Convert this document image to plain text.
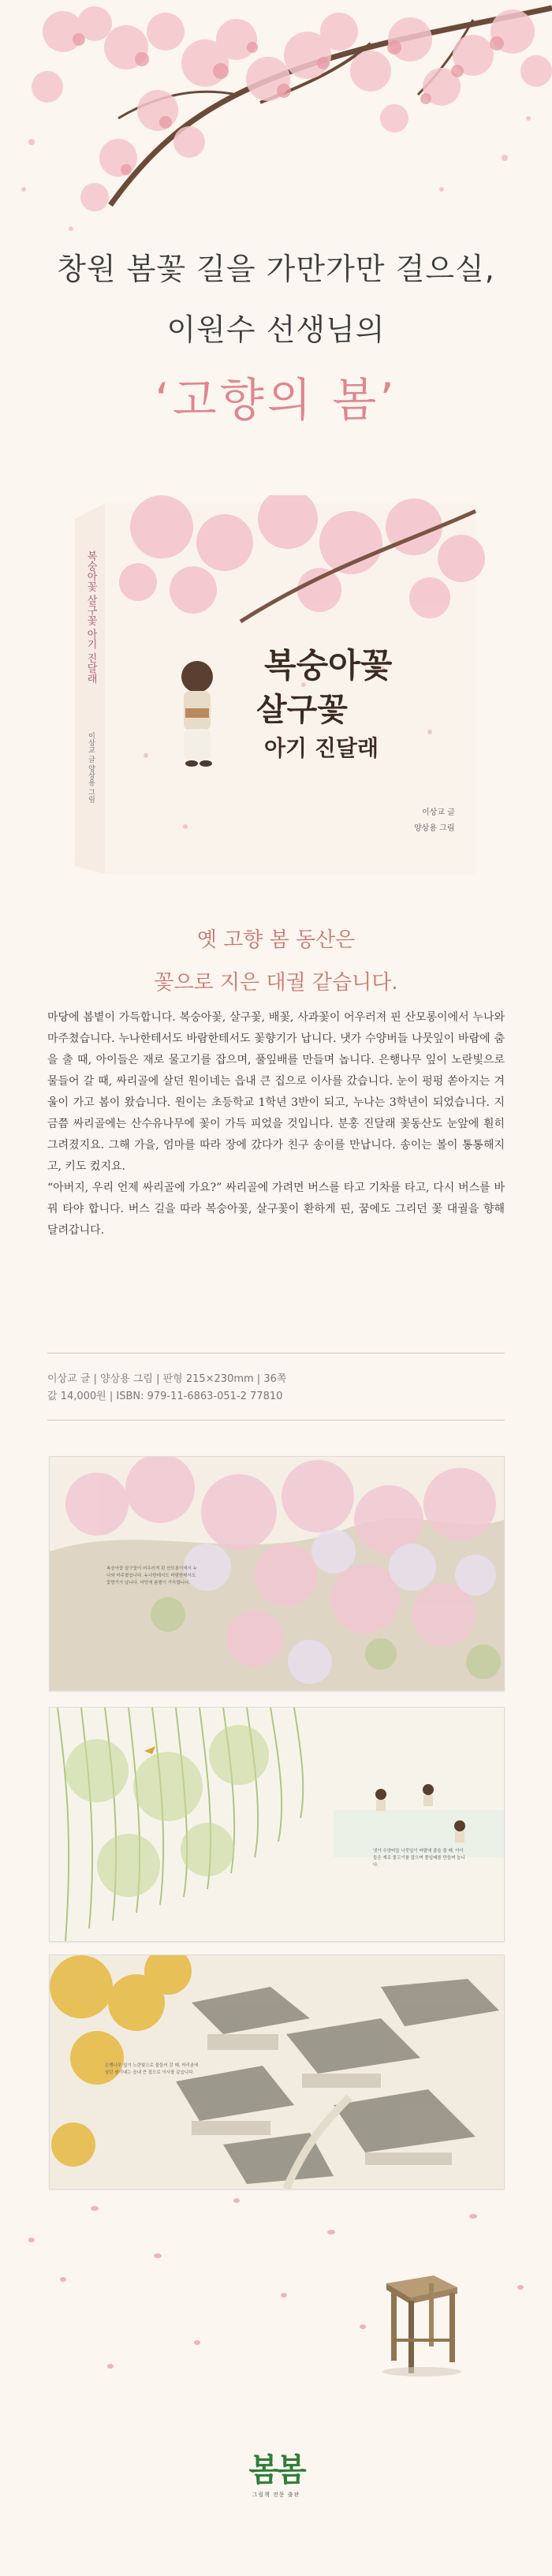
창원 봄꽃 길을 가만가만 걸으실,
이원수 선생님의
‘고향의 봄’
복숭아꽃 살구꽃 아기 진달래
이상교 글 양상용 그림
복숭아꽃
살구꽃
아기 진달래
이상교 글
양상용 그림
옛 고향 봄 동산은
꽃으로 지은 대궐 같습니다.

마당에 봄볕이 가득합니다. 복숭아꽃, 살구꽃, 배꽃, 사과꽃이 어우러져 핀 산모롱이에서 누나와 마주쳤습니다. 누나한테서도 바람한테서도 꽃향기가 납니다. 냇가 수양버들 나뭇잎이 바람에 춤을 출 때, 아이들은 재로 물고기를 잡으며, 풀잎배를 만들며 놉니다. 은행나무 잎이 노란빛으로 물들어 갈 때, 싸리골에 살던 원이네는 읍내 큰 집으로 이사를 갔습니다. 눈이 펑펑 쏟아지는 겨울이 가고 봄이 왔습니다. 원이는 초등학교 1학년 3반이 되고, 누나는 3학년이 되었습니다. 지금쯤 싸리골에는 산수유나무에 꽃이 가득 피었을 것입니다. 분홍 진달래 꽃동산도 눈앞에 훤히 그려졌지요. 그해 가을, 엄마를 따라 장에 갔다가 친구 송이를 만납니다. 송이는 볼이 통통해지고, 키도 컸지요.

“아버지, 우리 언제 싸리골에 가요?” 싸리골에 가려면 버스를 타고 기차를 타고, 다시 버스를 바꿔 타야 합니다. 버스 길을 따라 복숭아꽃, 살구꽃이 환하게 핀, 꿈에도 그리던 꽃 대궐을 향해 달려갑니다.

이상교 글 | 양상용 그림 | 판형 215×230mm | 36쪽
값 14,000원 | ISBN: 979-11-6863-051-2 77810
복숭아꽃 살구꽃이 어우러져 핀 산모롱이에서 누나와 마주쳤습니다. 누나한테서도 바람한테서도 꽃향기가 납니다. 마당에 봄볕이 가득합니다.
냇가 수양버들 나뭇잎이 바람에 춤을 출 때, 아이들은 재로 물고기를 잡으며 풀잎배를 만들며 놉니다.
은행나무 잎이 노란빛으로 물들어 갈 때, 싸리골에 살던 원이네는 읍내 큰 집으로 이사를 갔습니다.
봄봄
그림책 전문 출판
